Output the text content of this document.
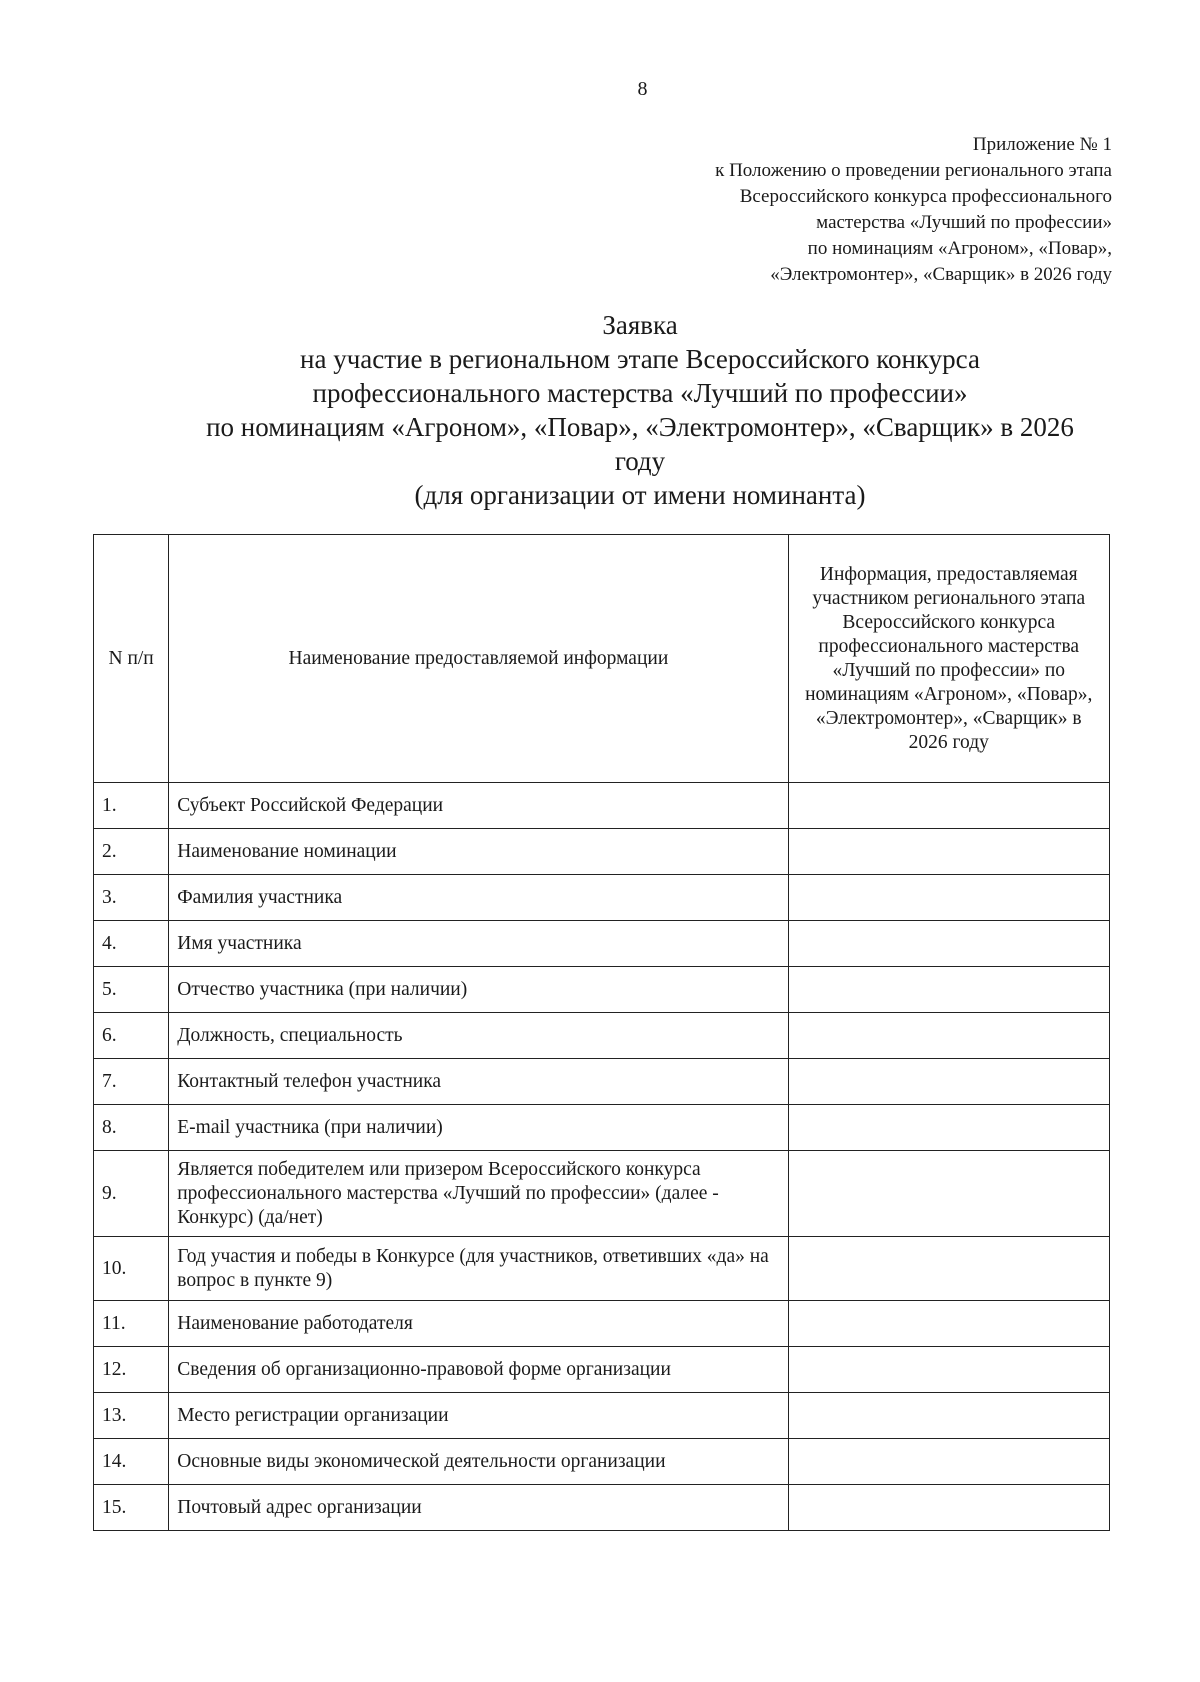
8
Приложение № 1
к Положению о проведении регионального этапа
Всероссийского конкурса профессионального
мастерства «Лучший по профессии»
по номинациям «Агроном», «Повар»,
«Электромонтер», «Сварщик» в 2026 году
Заявка
на участие в региональном этапе Всероссийского конкурса
профессионального мастерства «Лучший по профессии»
по номинациям «Агроном», «Повар», «Электромонтер», «Сварщик» в 2026
году
(для организации от имени номинанта)
N п/п	Наименование предоставляемой информации	Информация, предоставляемая участником регионального этапа Всероссийского конкурса профессионального мастерства «Лучший по профессии» по номинациям «Агроном», «Повар», «Электромонтер», «Сварщик» в 2026 году
1.	Субъект Российской Федерации	
2.	Наименование номинации	
3.	Фамилия участника	
4.	Имя участника	
5.	Отчество участника (при наличии)	
6.	Должность, специальность	
7.	Контактный телефон участника	
8.	E-mail участника (при наличии)	
9.	Является победителем или призером Всероссийского конкурса профессионального мастерства «Лучший по профессии» (далее - Конкурс) (да/нет)	
10.	Год участия и победы в Конкурсе (для участников, ответивших «да» на вопрос в пункте 9)	
11.	Наименование работодателя	
12.	Сведения об организационно-правовой форме организации	
13.	Место регистрации организации	
14.	Основные виды экономической деятельности организации	
15.	Почтовый адрес организации	
